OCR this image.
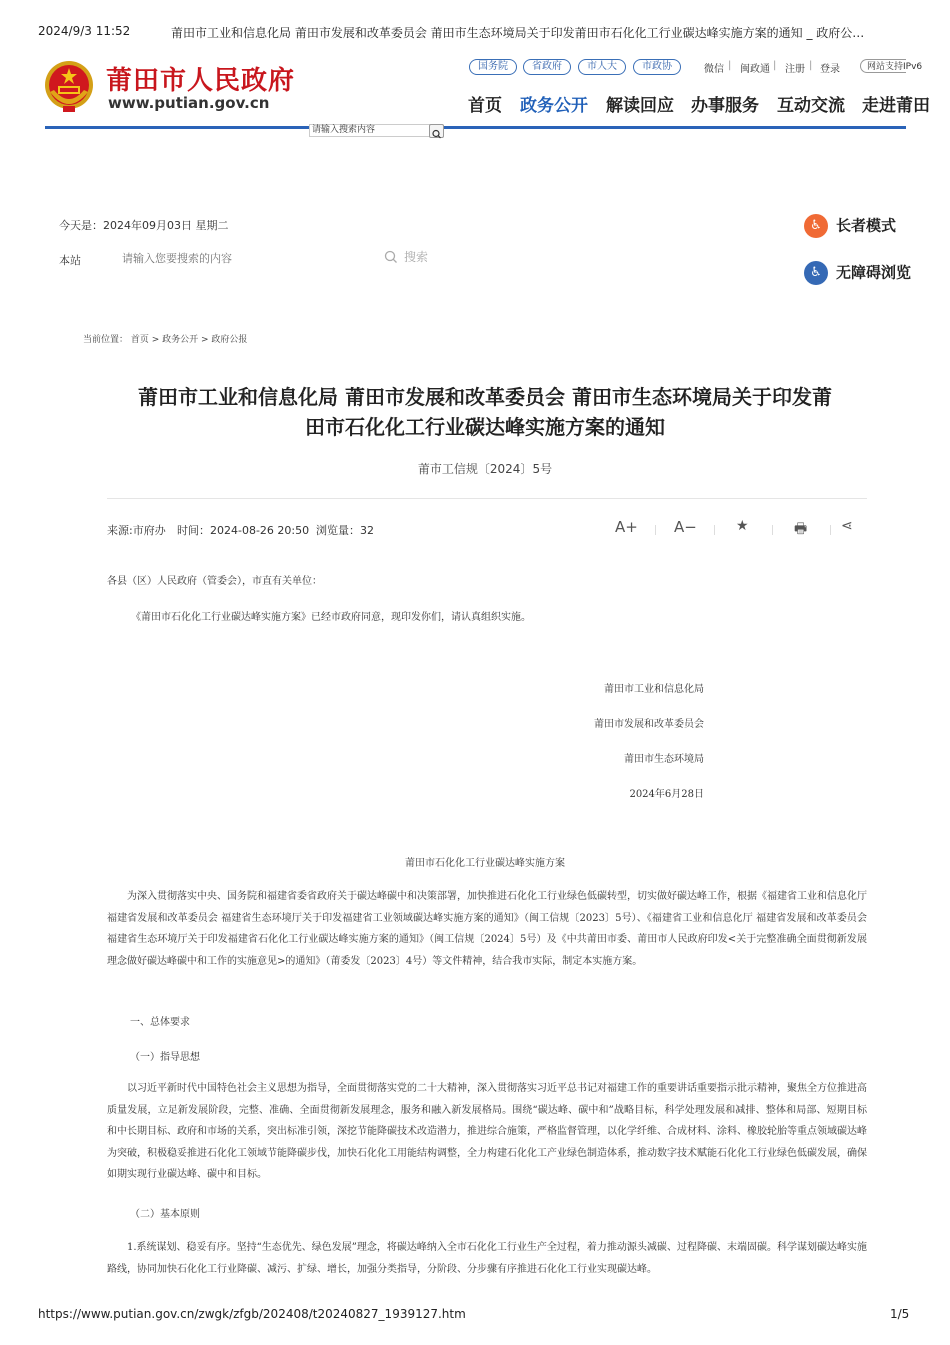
2024/9/3 11:52	莆田市工业和信息化局 莆田市发展和改革委员会 莆田市生态环境局关于印发莆田市石化化工行业碳达峰实施方案的通知 _ 政府公…
莆田市人民政府
www.putian.gov.cn
国务院	省政府	市人大	市政协	微信 | 闽政通 | 注册 | 登录	网站支持IPv6
首页 政务公开 解读回应 办事服务 互动交流 走进莆田
请输入搜索内容
今天是：2024年09月03日 星期二
本站
请输入您要搜索的内容	搜索
♿ 长者模式
♿ 无障碍浏览
当前位置： 首页 > 政务公开 > 政府公报
莆田市工业和信息化局 莆田市发展和改革委员会 莆田市生态环境局关于印发莆
田市石化化工行业碳达峰实施方案的通知
莆市工信规〔2024〕5号
来源:市府办 时间：2024-08-26 20:50 浏览量：32	A+ A−	★	🖶 ⋖
各县（区）人民政府（管委会），市直有关单位：
《莆田市石化化工行业碳达峰实施方案》已经市政府同意，现印发你们，请认真组织实施。
莆田市工业和信息化局
莆田市发展和改革委员会
莆田市生态环境局
2024年6月28日
莆田市石化化工行业碳达峰实施方案
为深入贯彻落实中央、国务院和福建省委省政府关于碳达峰碳中和决策部署，加快推进石化化工行业绿色低碳转型，切实做好碳达峰工作，根据《福建省工业和信息化厅 福建省发展和改革委员会 福建省生态环境厅关于印发福建省工业领域碳达峰实施方案的通知》（闽工信规〔2023〕5号）、《福建省工业和信息化厅 福建省发展和改革委员会 福建省生态环境厅关于印发福建省石化化工行业碳达峰实施方案的通知》（闽工信规〔2024〕5号）及《中共莆田市委、莆田市人民政府印发<关于完整准确全面贯彻新发展理念做好碳达峰碳中和工作的实施意见>的通知》（莆委发〔2023〕4号）等文件精神，结合我市实际，制定本实施方案。
一、总体要求
（一）指导思想
以习近平新时代中国特色社会主义思想为指导，全面贯彻落实党的二十大精神，深入贯彻落实习近平总书记对福建工作的重要讲话重要指示批示精神，聚焦全方位推进高质量发展，立足新发展阶段，完整、准确、全面贯彻新发展理念，服务和融入新发展格局。围绕“碳达峰、碳中和”战略目标，科学处理发展和减排、整体和局部、短期目标和中长期目标、政府和市场的关系，突出标准引领，深挖节能降碳技术改造潜力，推进综合施策，严格监督管理，以化学纤维、合成材料、涂料、橡胶轮胎等重点领域碳达峰为突破，积极稳妥推进石化化工领域节能降碳步伐，加快石化化工用能结构调整，全力构建石化化工产业绿色制造体系，推动数字技术赋能石化化工行业绿色低碳发展，确保如期实现行业碳达峰、碳中和目标。
（二）基本原则
1.系统谋划、稳妥有序。坚持“生态优先、绿色发展”理念，将碳达峰纳入全市石化化工行业生产全过程，着力推动源头减碳、过程降碳、末端固碳。科学谋划碳达峰实施路线，协同加快石化化工行业降碳、减污、扩绿、增长，加强分类指导，分阶段、分步骤有序推进石化化工行业实现碳达峰。
https://www.putian.gov.cn/zwgk/zfgb/202408/t20240827_1939127.htm	1/5
